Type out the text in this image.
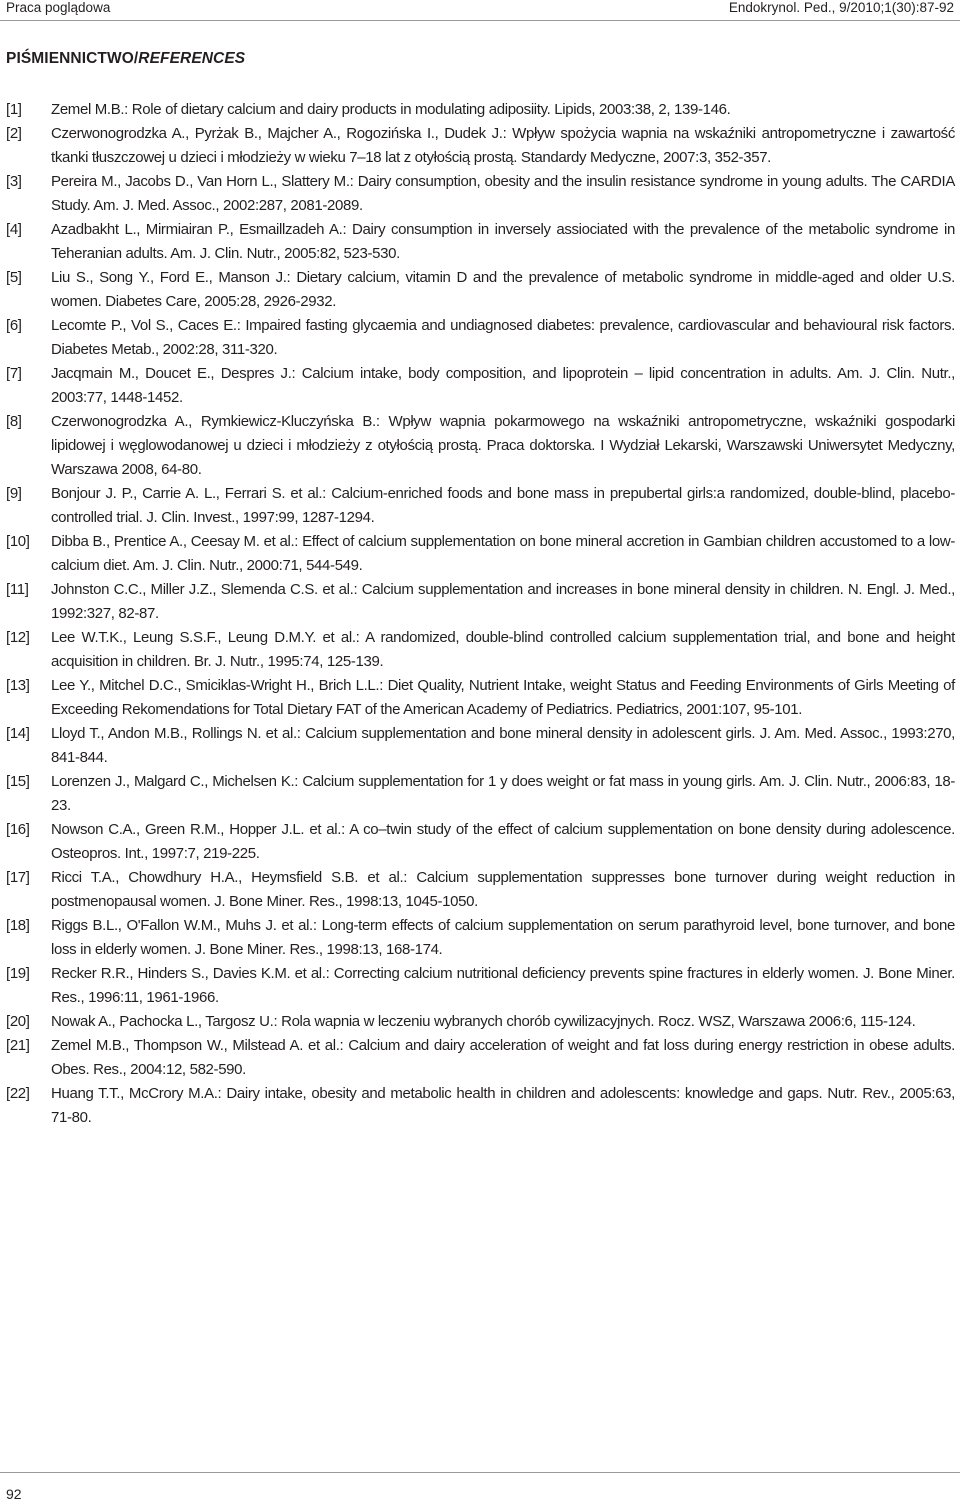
Praca poglądowa	Endokrynol. Ped., 9/2010;1(30):87-92
PIŚMIENNICTWO/REFERENCES
[1]	Zemel M.B.: Role of dietary calcium and dairy products in modulating adiposiity. Lipids, 2003:38, 2, 139-146.
[2]	Czerwonogrodzka A., Pyrżak B., Majcher A., Rogozińska I., Dudek J.: Wpływ spożycia wapnia na wskaźniki antropometryczne i zawartość tkanki tłuszczowej u dzieci i młodzieży w wieku 7–18 lat z otyłością prostą. Standardy Medyczne, 2007:3, 352-357.
[3]	Pereira M., Jacobs D., Van Horn L., Slattery M.: Dairy consumption, obesity and the insulin resistance syndrome in young adults. The CARDIA Study. Am. J. Med. Assoc., 2002:287, 2081-2089.
[4]	Azadbakht L., Mirmiairan P., Esmaillzadeh A.: Dairy consumption in inversely assiociated with the prevalence of the metabolic syndrome in Teheranian adults. Am. J. Clin. Nutr., 2005:82, 523-530.
[5]	Liu S., Song Y., Ford E., Manson J.: Dietary calcium, vitamin D and the prevalence of metabolic syndrome in middle-aged and older U.S. women. Diabetes Care, 2005:28, 2926-2932.
[6]	Lecomte P., Vol S., Caces E.: Impaired fasting glycaemia and undiagnosed diabetes: prevalence, cardiovascular and behavioural risk factors. Diabetes Metab., 2002:28, 311-320.
[7]	Jacqmain M., Doucet E., Despres J.: Calcium intake, body composition, and lipoprotein – lipid concentration in adults. Am. J. Clin. Nutr., 2003:77, 1448-1452.
[8]	Czerwonogrodzka A., Rymkiewicz-Kluczyńska B.: Wpływ wapnia pokarmowego na wskaźniki antropometryczne, wskaźniki gospodarki lipidowej i węglowodanowej u dzieci i młodzieży z otyłością prostą. Praca doktorska. I Wydział Lekarski, Warszawski Uniwersytet Medyczny, Warszawa 2008, 64-80.
[9]	Bonjour J. P., Carrie A. L., Ferrari S. et al.: Calcium-enriched foods and bone mass in prepubertal girls:a randomized, double-blind, placebo-controlled trial. J. Clin. Invest., 1997:99, 1287-1294.
[10]	Dibba B., Prentice A., Ceesay M. et al.: Effect of calcium supplementation on bone mineral accretion in Gambian children accustomed to a low-calcium diet. Am. J. Clin. Nutr., 2000:71, 544-549.
[11]	Johnston C.C., Miller J.Z., Slemenda C.S. et al.: Calcium supplementation and increases in bone mineral density in children. N. Engl. J. Med., 1992:327, 82-87.
[12]	Lee W.T.K., Leung S.S.F., Leung D.M.Y. et al.: A randomized, double-blind controlled calcium supplementation trial, and bone and height acquisition in children. Br. J. Nutr., 1995:74, 125-139.
[13]	Lee Y., Mitchel D.C., Smiciklas-Wright H., Brich L.L.: Diet Quality, Nutrient Intake, weight Status and Feeding Environments of Girls Meeting of Exceeding Rekomendations for Total Dietary FAT of the American Academy of Pediatrics. Pediatrics, 2001:107, 95-101.
[14]	Lloyd T., Andon M.B., Rollings N. et al.: Calcium supplementation and bone mineral density in adolescent girls. J. Am. Med. Assoc., 1993:270, 841-844.
[15]	Lorenzen J., Malgard C., Michelsen K.: Calcium supplementation for 1 y does weight or fat mass in young girls. Am. J. Clin. Nutr., 2006:83, 18-23.
[16]	Nowson C.A., Green R.M., Hopper J.L. et al.: A co–twin study of the effect of calcium supplementation on bone density during adolescence. Osteopros. Int., 1997:7, 219-225.
[17]	Ricci T.A., Chowdhury H.A., Heymsfield S.B. et al.: Calcium supplementation suppresses bone turnover during weight reduction in postmenopausal women. J. Bone Miner. Res., 1998:13, 1045-1050.
[18]	Riggs B.L., O'Fallon W.M., Muhs J. et al.: Long-term effects of calcium supplementation on serum parathyroid level, bone turnover, and bone loss in elderly women. J. Bone Miner. Res., 1998:13, 168-174.
[19]	Recker R.R., Hinders S., Davies K.M. et al.: Correcting calcium nutritional deficiency prevents spine fractures in elderly women. J. Bone Miner. Res., 1996:11, 1961-1966.
[20]	Nowak A., Pachocka L., Targosz U.: Rola wapnia w leczeniu wybranych chorób cywilizacyjnych. Rocz. WSZ, Warszawa 2006:6, 115-124.
[21]	Zemel M.B., Thompson W., Milstead A. et al.: Calcium and dairy acceleration of weight and fat loss during energy restriction in obese adults. Obes. Res., 2004:12, 582-590.
[22]	Huang T.T., McCrory M.A.: Dairy intake, obesity and metabolic health in children and adolescents: knowledge and gaps. Nutr. Rev., 2005:63, 71-80.
92
